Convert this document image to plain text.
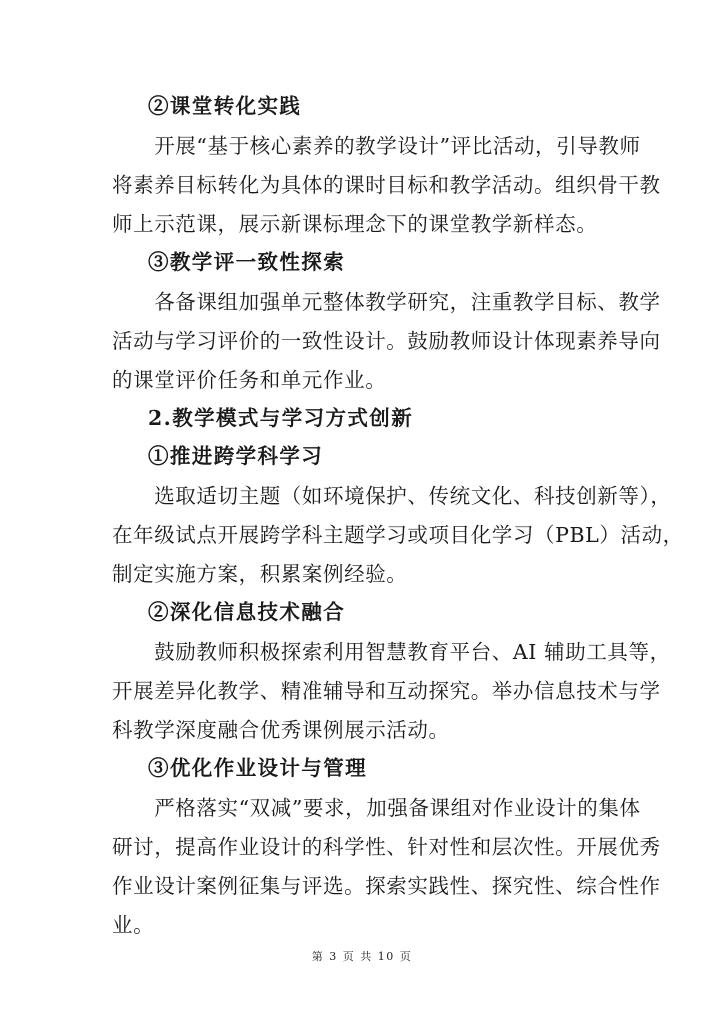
②课堂转化实践
　　开展“基于核心素养的教学设计”评比活动，引导教师
将素养目标转化为具体的课时目标和教学活动。组织骨干教
师上示范课，展示新课标理念下的课堂教学新样态。
③教学评一致性探索
　　各备课组加强单元整体教学研究，注重教学目标、教学
活动与学习评价的一致性设计。鼓励教师设计体现素养导向
的课堂评价任务和单元作业。
2.教学模式与学习方式创新
①推进跨学科学习
　　选取适切主题（如环境保护、传统文化、科技创新等），
在年级试点开展跨学科主题学习或项目化学习（PBL）活动，
制定实施方案，积累案例经验。
②深化信息技术融合
　　鼓励教师积极探索利用智慧教育平台、AI 辅助工具等，
开展差异化教学、精准辅导和互动探究。举办信息技术与学
科教学深度融合优秀课例展示活动。
③优化作业设计与管理
　　严格落实“双减”要求，加强备课组对作业设计的集体
研讨，提高作业设计的科学性、针对性和层次性。开展优秀
作业设计案例征集与评选。探索实践性、探究性、综合性作
业。
第 3 页 共 10 页
